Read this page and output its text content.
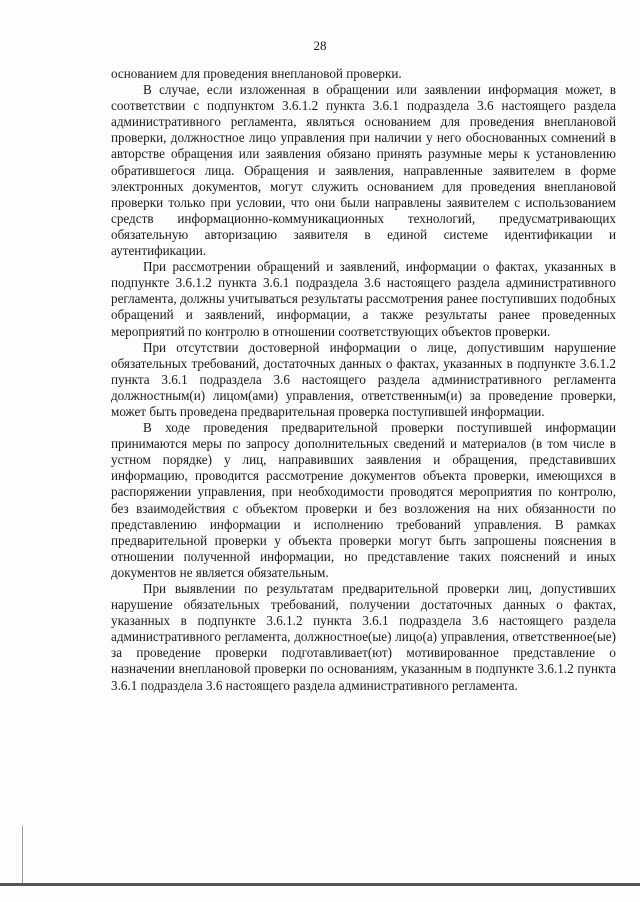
28

основанием для проведения внеплановой проверки.

В случае, если изложенная в обращении или заявлении информация может, в соответствии с подпунктом 3.6.1.2 пункта 3.6.1 подраздела 3.6 настоящего раздела административного регламента, являться основанием для проведения внеплановой проверки, должностное лицо управления при наличии у него обоснованных сомнений в авторстве обращения или заявления обязано принять разумные меры к установлению обратившегося лица. Обращения и заявления, направленные заявителем в форме электронных документов, могут служить основанием для проведения внеплановой проверки только при условии, что они были направлены заявителем с использованием средств информационно-коммуникационных технологий, предусматривающих обязательную авторизацию заявителя в единой системе идентификации и аутентификации.

При рассмотрении обращений и заявлений, информации о фактах, указанных в подпункте 3.6.1.2 пункта 3.6.1 подраздела 3.6 настоящего раздела административного регламента, должны учитываться результаты рассмотрения ранее поступивших подобных обращений и заявлений, информации, а также результаты ранее проведенных мероприятий по контролю в отношении соответствующих объектов проверки.

При отсутствии достоверной информации о лице, допустившим нарушение обязательных требований, достаточных данных о фактах, указанных в подпункте 3.6.1.2 пункта 3.6.1 подраздела 3.6 настоящего раздела административного регламента должностным(и) лицом(ами) управления, ответственным(и) за проведение проверки, может быть проведена предварительная проверка поступившей информации.

В ходе проведения предварительной проверки поступившей информации принимаются меры по запросу дополнительных сведений и материалов (в том числе в устном порядке) у лиц, направивших заявления и обращения, представивших информацию, проводится рассмотрение документов объекта проверки, имеющихся в распоряжении управления, при необходимости проводятся мероприятия по контролю, без взаимодействия с объектом проверки и без возложения на них обязанности по представлению информации и исполнению требований управления. В рамках предварительной проверки у объекта проверки могут быть запрошены пояснения в отношении полученной информации, но представление таких пояснений и иных документов не является обязательным.

При выявлении по результатам предварительной проверки лиц, допустивших нарушение обязательных требований, получении достаточных данных о фактах, указанных в подпункте 3.6.1.2 пункта 3.6.1 подраздела 3.6 настоящего раздела административного регламента, должностное(ые) лицо(а) управления, ответственное(ые) за проведение проверки подготавливает(ют) мотивированное представление о назначении внеплановой проверки по основаниям, указанным в подпункте 3.6.1.2 пункта 3.6.1 подраздела 3.6 настоящего раздела административного регламента.
